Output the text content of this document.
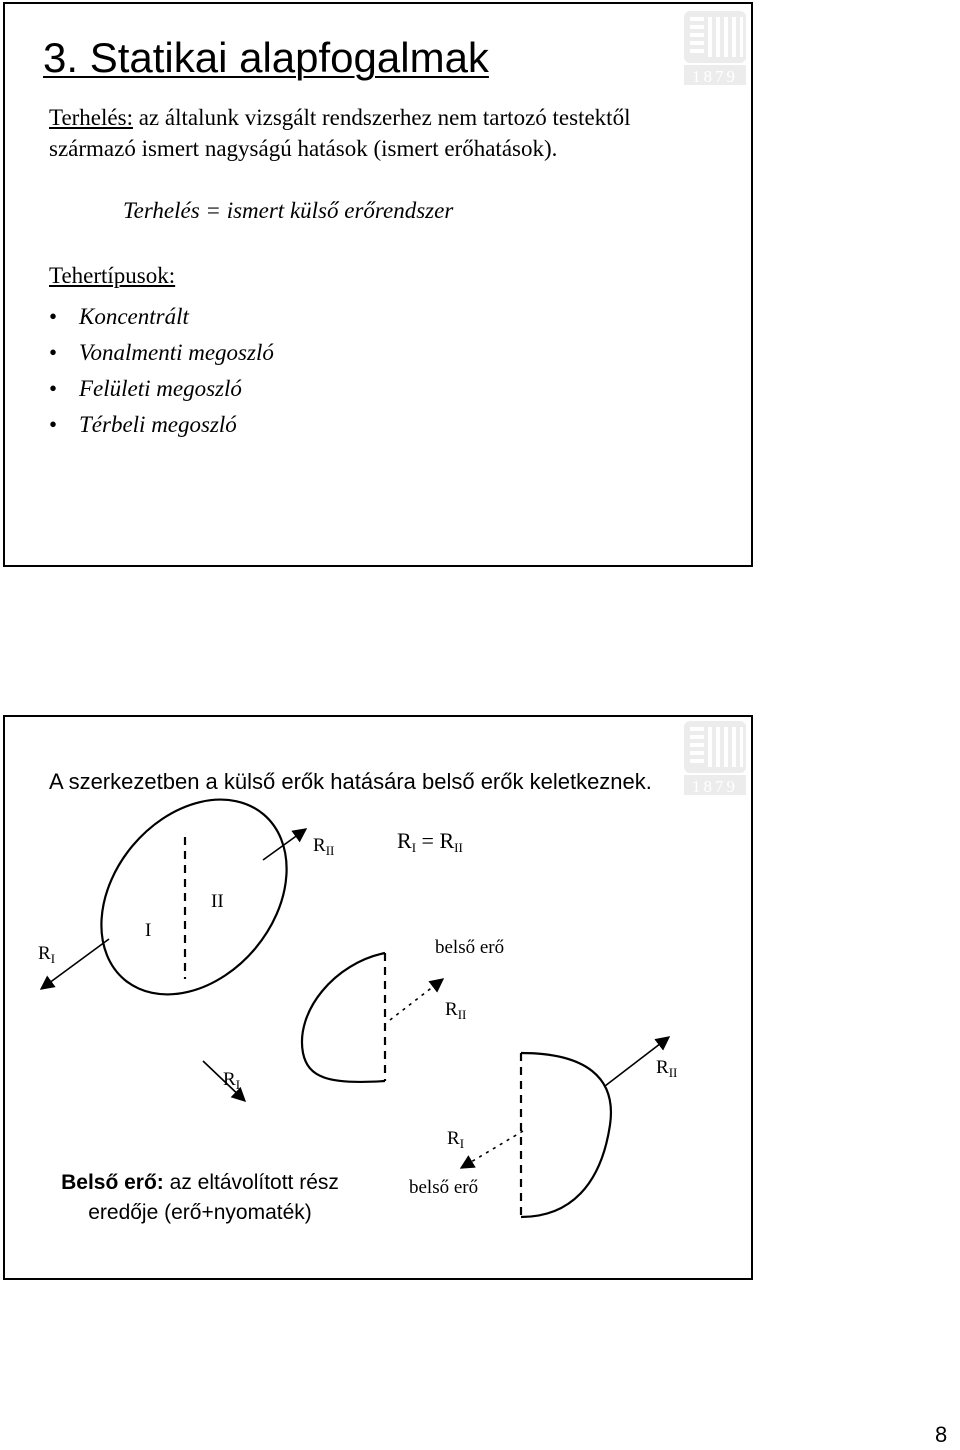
1879
3. Statikai alapfogalmak
Terhelés: az általunk vizsgált rendszerhez nem tartozó testektől származó ismert nagyságú hatások (ismert erőhatások).
Terhelés = ismert külső erőrendszer
Tehertípusok:
• Koncentrált
• Vonalmenti megoszló
• Felületi megoszló
• Térbeli megoszló
1879
A szerkezetben a külső erők hatására belső erők keletkeznek.
$R_{II}$	$R_I = R_{II}$
II
I
$R_I$
belső erő
$R_{II}$
$R_I$
$R_{II}$
$R_I$
belső erő
Belső erő: az eltávolított rész eredője (erő+nyomaték)
8
